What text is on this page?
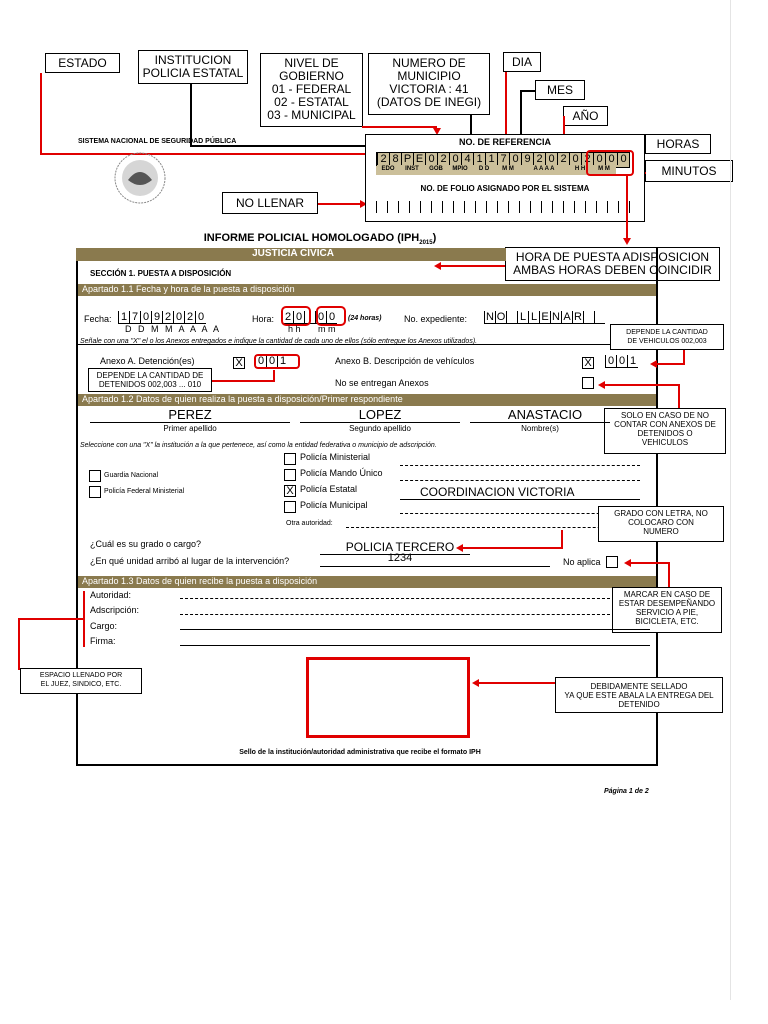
ESTADO	INSTITUCION
POLICIA ESTATAL
NIVEL DE
GOBIERNO
01 - FEDERAL
02 - ESTATAL
03 - MUNICIPAL
NUMERO DE
MUNICIPIO
VICTORIA : 41
(DATOS DE INEGI)
DIA
MES
AÑO
HORAS
MINUTOS
NO LLENAR
SISTEMA NACIONAL DE SEGURIDAD PÚBLICA	NO. DE REFERENCIA
2 8 P E 0 2 0 4 1 1 7 0 9 2 0 2 0 2 0 0 0
EDO	INST	GOB	MPIO	D D	M M	A A A A	H H	M M
NO. DE FOLIO ASIGNADO POR EL SISTEMA
INFORME POLICIAL HOMOLOGADO $(IPH_{2015})$
HORA DE PUESTA ADISPOSICION
AMBAS HORAS DEBEN COINCIDIR
JUSTICIA CÍVICA
SECCIÓN 1. PUESTA A DISPOSICIÓN
Apartado 1.1 Fecha y hora de la puesta a disposición
Fecha: 1 7 0 9 2 0 2 0
D D M M A A A A
Hora: 2 0 : 0 0
h h       m m
(24 horas)	No. expediente: N O L L E N A R
DEPENDE LA CANTIDAD
DE VEHICULOS 002,003
Señale con una "X" el o los Anexos entregados e indique la cantidad de cada uno de ellos (sólo entregue los Anexos utilizados).
Anexo A. Detención(es)	X 0 0 1	Anexo B. Descripción de vehículos	X 0 0 1
DEPENDE LA CANTIDAD DE
DETENIDOS 002,003 ... 010	No se entregan Anexos
Apartado 1.2 Datos de quien realiza la puesta a disposición/Primer respondiente
SOLO EN CASO DE NO
CONTAR CON ANEXOS DE
DETENIDOS O
VEHICULOS
PEREZ
Primer apellido
LOPEZ
Segundo apellido
ANASTACIO
Nombre(s)
Seleccione con una "X" la institución a la que pertenece, así como la entidad federativa o municipio de adscripción.
Guardia Nacional
Policía Federal Ministerial
Policía Ministerial
Policía Mando Único
X Policía Estatal
Policía Municipal
COORDINACION VICTORIA
Otra autoridad:
GRADO CON LETRA, NO
COLOCARO CON
NUMERO
¿Cuál es su grado o cargo?	POLICIA TERCERO
¿En qué unidad arribó al lugar de la intervención?	1234	No aplica
Apartado 1.3 Datos de quien recibe la puesta a disposición
MARCAR EN CASO DE
ESTAR DESEMPEÑANDO
SERVICIO A PIE,
BICICLETA, ETC.
Autoridad:
Adscripción:
Cargo:
Firma:
ESPACIO LLENADO POR
EL JUEZ, SINDICO, ETC.	DEBIDAMENTE SELLADO
YA QUE ESTE ABALA LA ENTREGA DEL
DETENIDO
Sello de la institución/autoridad administrativa que recibe el formato IPH
Página 1 de 2
